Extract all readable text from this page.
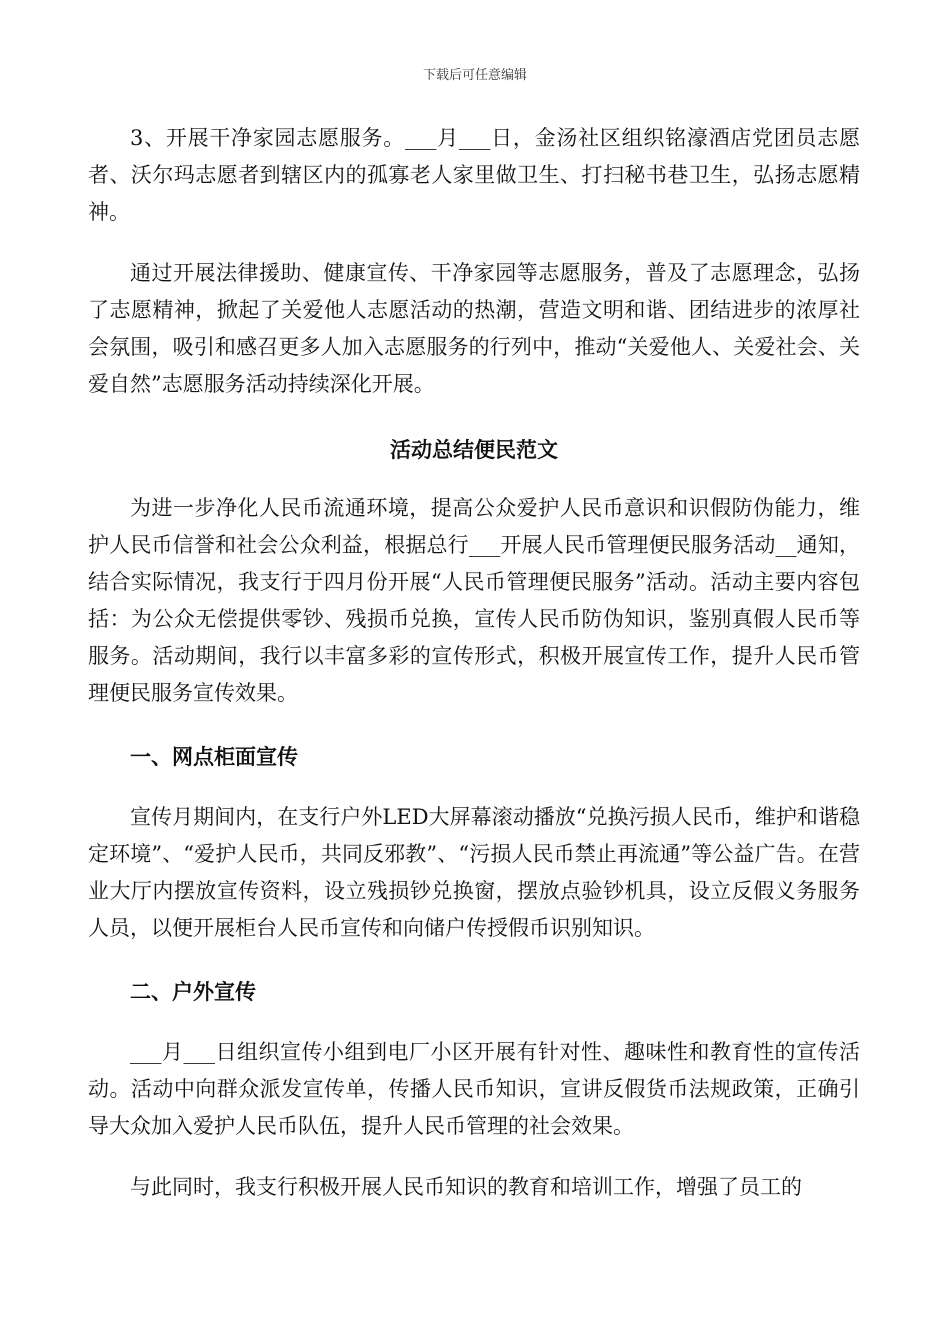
下载后可任意编辑

3、开展干净家园志愿服务。___月___日，金汤社区组织铭濠酒店党团员志愿者、沃尔玛志愿者到辖区内的孤寡老人家里做卫生、打扫秘书巷卫生，弘扬志愿精神。

通过开展法律援助、健康宣传、干净家园等志愿服务，普及了志愿理念，弘扬了志愿精神，掀起了关爱他人志愿活动的热潮，营造文明和谐、团结进步的浓厚社会氛围，吸引和感召更多人加入志愿服务的行列中，推动“关爱他人、关爱社会、关爱自然”志愿服务活动持续深化开展。

活动总结便民范文

为进一步净化人民币流通环境，提高公众爱护人民币意识和识假防伪能力，维护人民币信誉和社会公众利益，根据总行___开展人民币管理便民服务活动__通知，结合实际情况，我支行于四月份开展“人民币管理便民服务”活动。活动主要内容包括：为公众无偿提供零钞、残损币兑换，宣传人民币防伪知识，鉴别真假人民币等服务。活动期间，我行以丰富多彩的宣传形式，积极开展宣传工作，提升人民币管理便民服务宣传效果。

一、网点柜面宣传

宣传月期间内，在支行户外LED大屏幕滚动播放“兑换污损人民币，维护和谐稳定环境”、“爱护人民币，共同反邪教”、“污损人民币禁止再流通”等公益广告。在营业大厅内摆放宣传资料，设立残损钞兑换窗，摆放点验钞机具，设立反假义务服务人员，以便开展柜台人民币宣传和向储户传授假币识别知识。

二、户外宣传

___月___日组织宣传小组到电厂小区开展有针对性、趣味性和教育性的宣传活动。活动中向群众派发宣传单，传播人民币知识，宣讲反假货币法规政策，正确引导大众加入爱护人民币队伍，提升人民币管理的社会效果。

与此同时，我支行积极开展人民币知识的教育和培训工作，增强了员工的
